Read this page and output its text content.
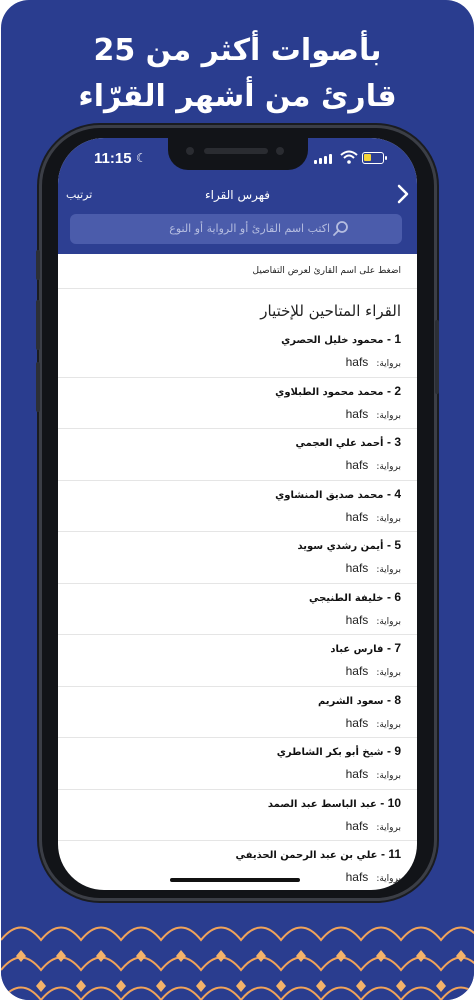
بأصوات أكثر من 25
قارئ من أشهر القرّاء
11:15 ☾
ترتيب	فهرس القراء
اكتب اسم القارئ أو الرواية أو النوع
اضغط على اسم القارئ لعرض التفاصيل
القراء المتاحين للإختيار
1 - محمود خليل الحصري
برواية:hafs
2 - محمد محمود الطبلاوي
برواية:hafs
3 - أحمد علي العجمي
برواية:hafs
4 - محمد صديق المنشاوي
برواية:hafs
5 - أيمن رشدي سويد
برواية:hafs
6 - خليفة الطنيجي
برواية:hafs
7 - فارس عباد
برواية:hafs
8 - سعود الشريم
برواية:hafs
9 - شيخ أبو بكر الشاطري
برواية:hafs
10 - عبد الباسط عبد الصمد
برواية:hafs
11 - علي بن عبد الرحمن الحذيفي
برواية:hafs
